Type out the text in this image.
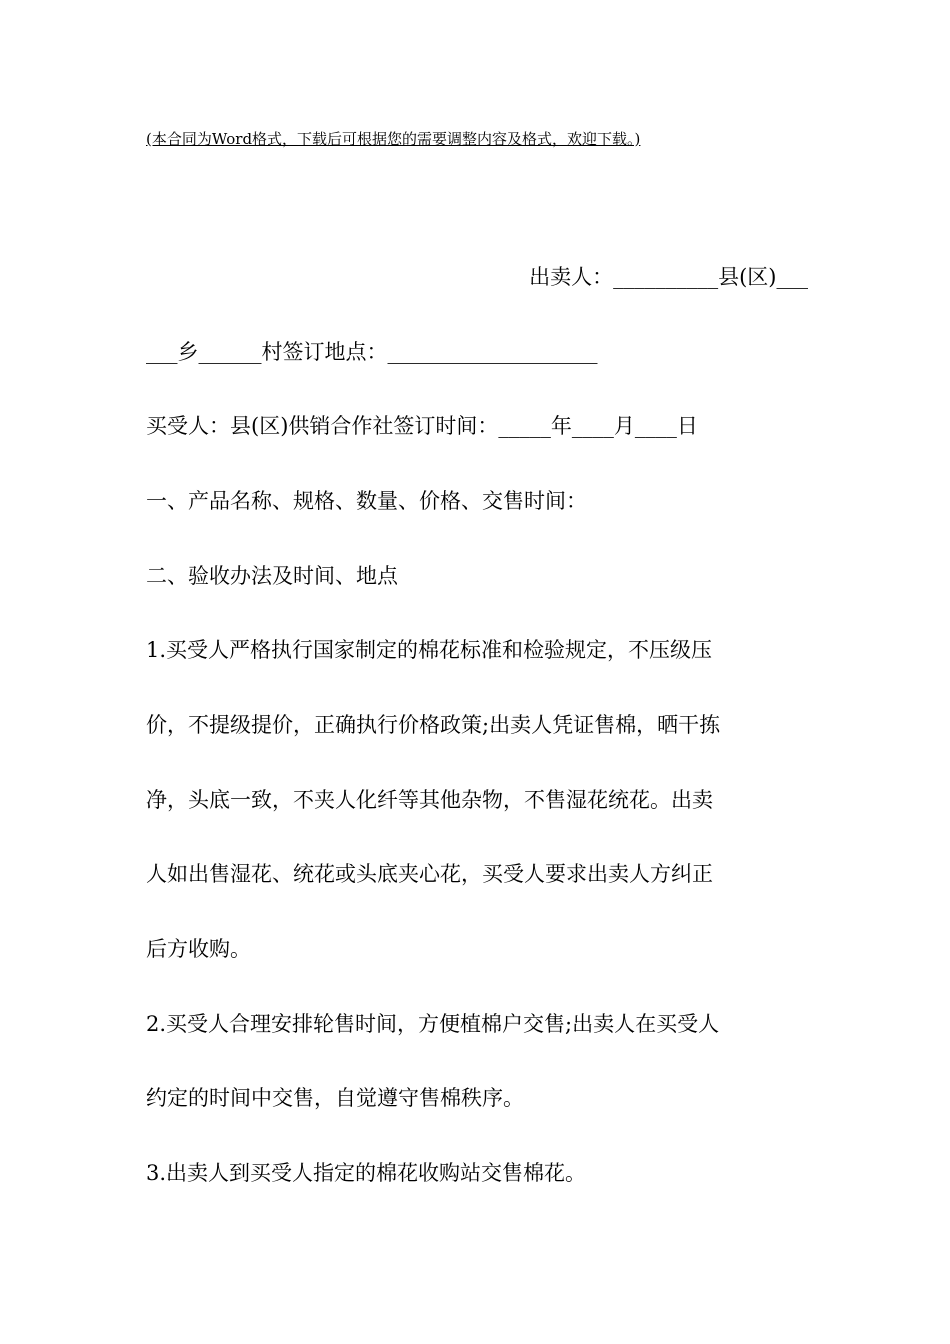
(本合同为Word格式，下载后可根据您的需要调整内容及格式，欢迎下载。)
出卖人：__________县(区)___
___乡______村签订地点：____________________
买受人：县(区)供销合作社签订时间：_____年____月____日
一、产品名称、规格、数量、价格、交售时间：
二、验收办法及时间、地点
1.买受人严格执行国家制定的棉花标准和检验规定，不压级压
价，不提级提价，正确执行价格政策;出卖人凭证售棉，晒干拣
净，头底一致，不夹人化纤等其他杂物，不售湿花统花。出卖
人如出售湿花、统花或头底夹心花，买受人要求出卖人方纠正
后方收购。
2.买受人合理安排轮售时间，方便植棉户交售;出卖人在买受人
约定的时间中交售，自觉遵守售棉秩序。
3.出卖人到买受人指定的棉花收购站交售棉花。
